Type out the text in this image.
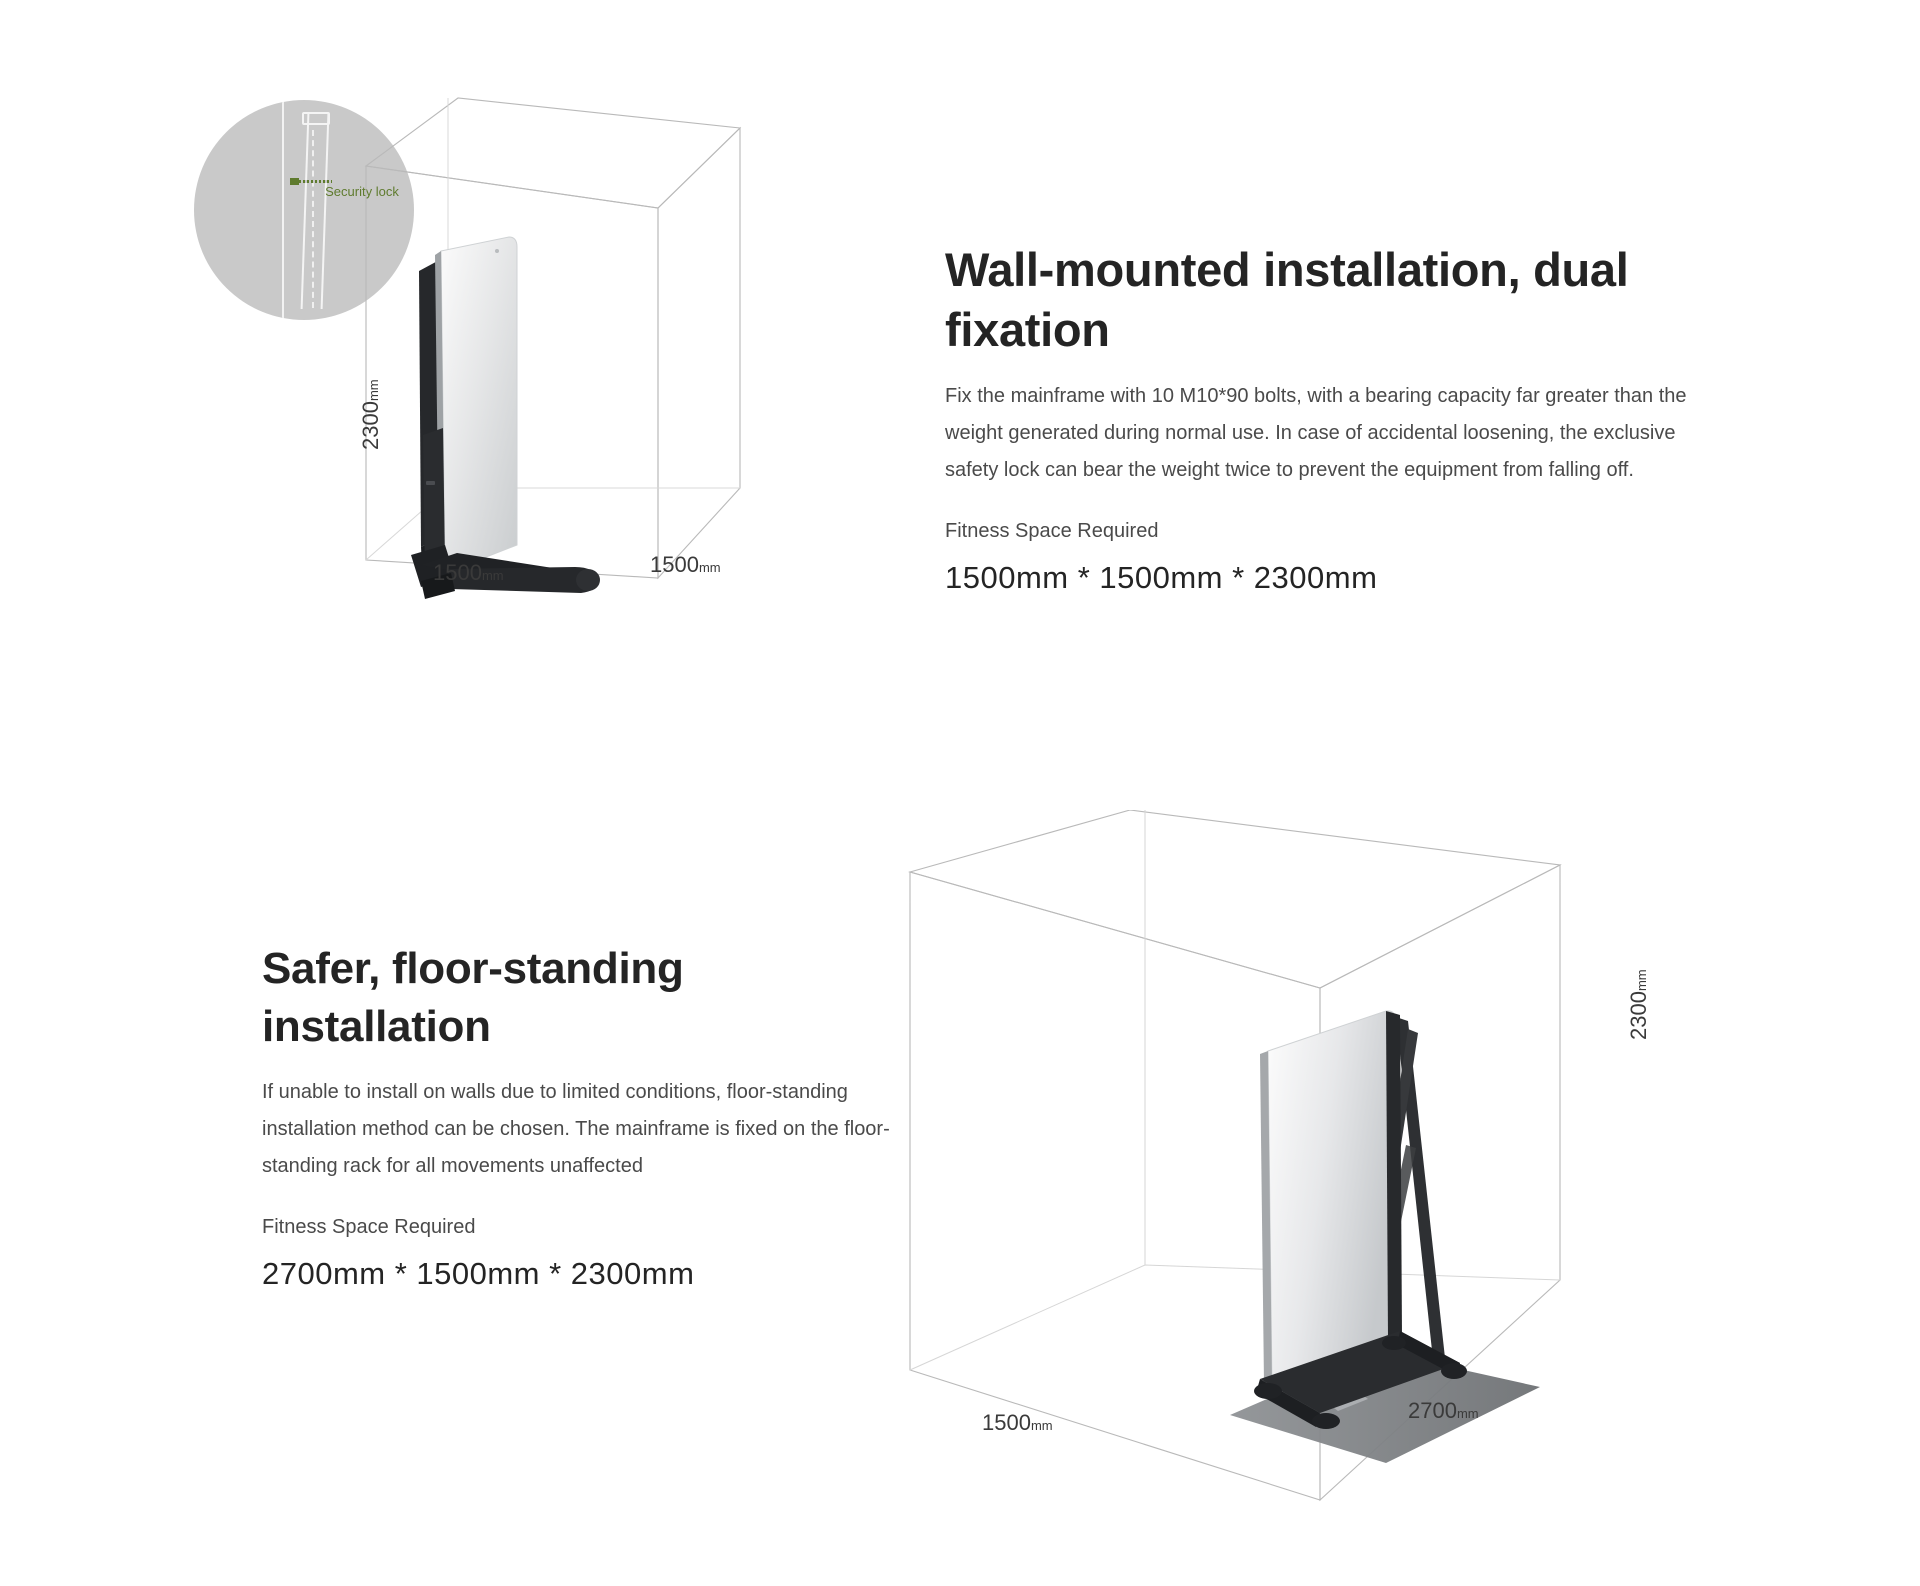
Security lock
2300mm
1500mm	1500mm
Wall-mounted installation, dual fixation

Fix the mainframe with 10 M10*90 bolts, with a bearing capacity far greater than the weight generated during normal use. In case of accidental loosening, the exclusive safety lock can bear the weight twice to prevent the equipment from falling off.

Fitness Space Required

1500mm * 1500mm * 2300mm

Safer, floor-standing installation

If unable to install on walls due to limited conditions, floor-standing installation method can be chosen. The mainframe is fixed on the floor-standing rack for all movements unaffected

Fitness Space Required

2700mm * 1500mm * 2300mm

2300mm
1500mm
2700mm
